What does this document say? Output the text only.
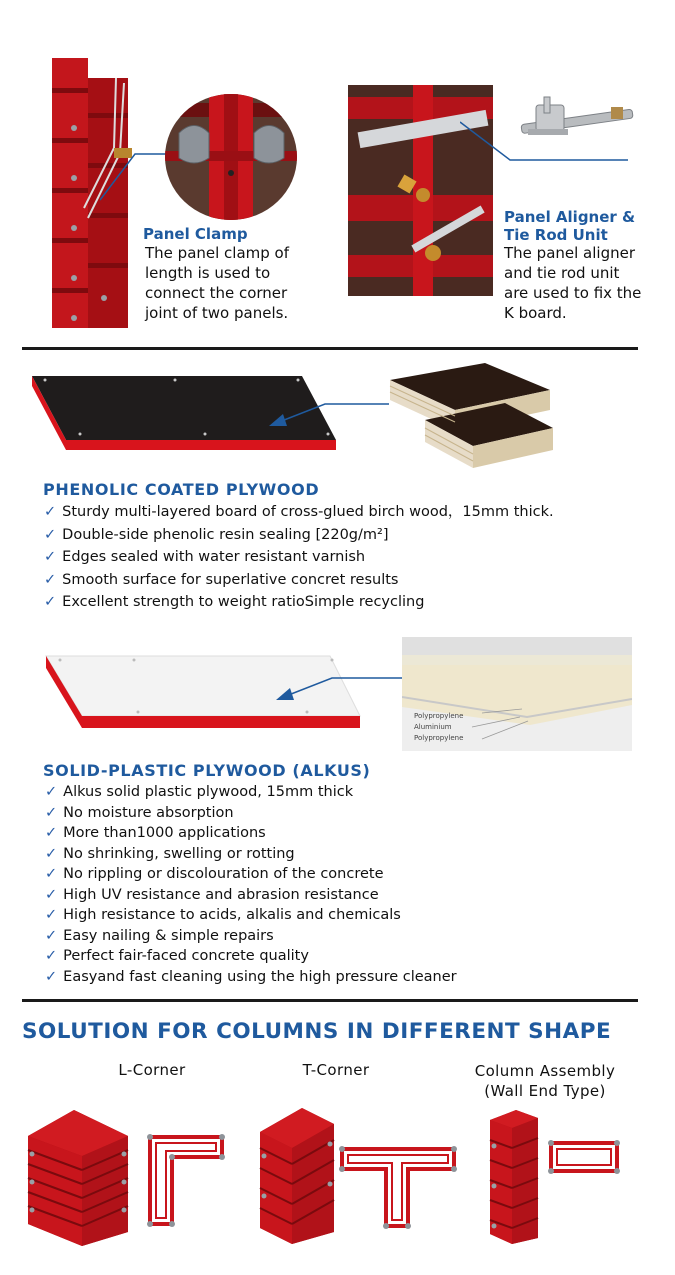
Panel Clamp
The panel clamp of
length is used to
connect the corner
joint of two panels.
Panel Aligner &
Tie Rod Unit
The panel aligner
and tie rod unit
are used to fix the
K board.
PHENOLIC COATED PLYWOOD
✓ Sturdy multi-layered board of cross-glued birch wood，15mm thick.
✓ Double-side phenolic resin sealing [220g/m²]
✓ Edges sealed with water resistant varnish
✓ Smooth surface for superlative concret results
✓ Excellent strength to weight ratioSimple recycling
Polypropylene
Aluminium
Polypropylene
SOLID-PLASTIC PLYWOOD (ALKUS)
✓ Alkus solid plastic plywood, 15mm thick
✓ No moisture absorption
✓ More than1000 applications
✓ No shrinking, swelling or rotting
✓ No rippling or discolouration of the concrete
✓ High UV resistance and abrasion resistance
✓ High resistance to acids, alkalis and chemicals
✓ Easy nailing & simple repairs
✓ Perfect fair-faced concrete quality
✓ Easyand fast cleaning using the high pressure cleaner
SOLUTION FOR COLUMNS IN DIFFERENT SHAPE
L-Corner	T-Corner	Column Assembly
(Wall End Type)
